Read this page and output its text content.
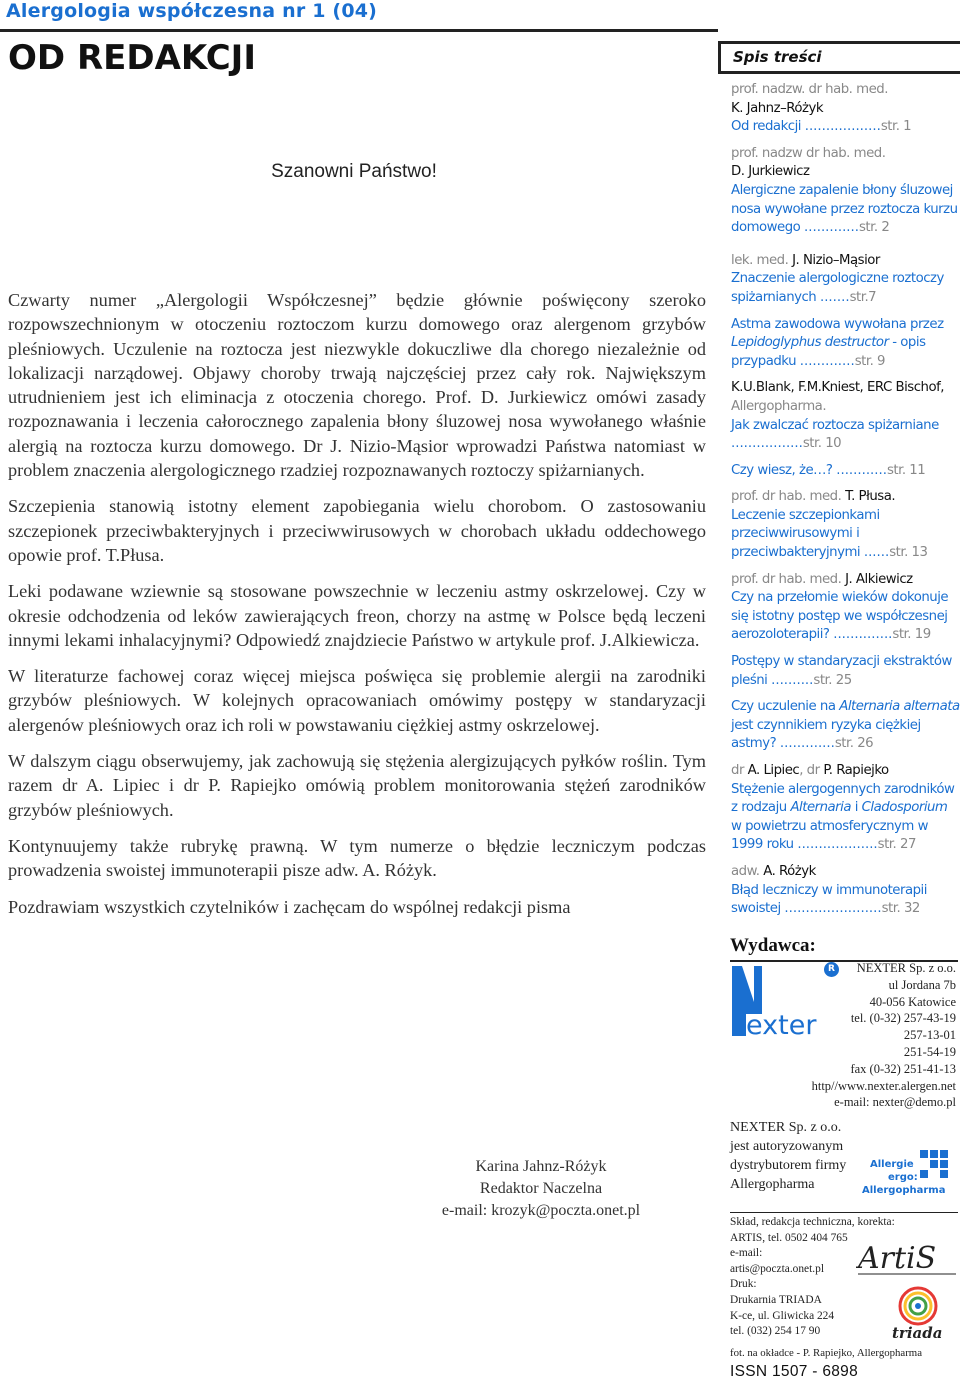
Alergologia współczesna nr 1 (04)
OD REDAKCJI
Szanowni Państwo!

Czwarty numer „Alergologii Współczesnej” będzie głównie poświęcony szeroko rozpowszechnionym w otoczeniu roztoczom kurzu domowego oraz alergenom grzybów pleśniowych. Uczulenie na roztocza jest niezwykle dokuczliwe dla chorego niezależnie od lokalizacji narządowej. Objawy choroby trwają najczęściej przez cały rok. Największym utrudnieniem jest ich eliminacja z otoczenia chorego. Prof. D. Jurkiewicz omówi zasady rozpoznawania i leczenia całorocznego zapalenia błony śluzowej nosa wywołanego właśnie alergią na roztocza kurzu domowego. Dr J. Nizio-Mąsior wprowadzi Państwa natomiast w problem znaczenia alergologicznego rzadziej rozpoznawanych roztoczy spiżarnianych.

Szczepienia stanowią istotny element zapobiegania wielu chorobom. O zastosowaniu szczepionek przeciwbakteryjnych i przeciwwirusowych w chorobach układu oddechowego opowie prof. T.Płusa.

Leki podawane wziewnie są stosowane powszechnie w leczeniu astmy oskrzelowej. Czy w okresie odchodzenia od leków zawierających freon, chorzy na astmę w Polsce będą leczeni innymi lekami inhalacyjnymi? Odpowiedź znajdziecie Państwo w artykule prof. J.Alkiewicza.

W literaturze fachowej coraz więcej miejsca poświęca się problemie alergii na zarodniki grzybów pleśniowych. W kolejnych opracowaniach omówimy postępy w standaryzacji alergenów pleśniowych oraz ich roli w powstawaniu ciężkiej astmy oskrzelowej.

W dalszym ciągu obserwujemy, jak zachowują się stężenia alergizujących pyłków roślin. Tym razem dr A. Lipiec i dr P. Rapiejko omówią problem monitorowania stężeń zarodników grzybów pleśniowych.

Kontynuujemy także rubrykę prawną. W tym numerze o błędzie leczniczym podczas prowadzenia swoistej immunoterapii pisze adw. A. Różyk.

Pozdrawiam wszystkich czytelników i zachęcam do wspólnej redakcji pisma

Karina Jahnz-Różyk
Redaktor Naczelna
e-mail: krozyk@poczta.onet.pl
Spis treści
prof. nadzw. dr hab. med.
K. Jahnz–Różyk
Od redakcji ..................str. 1
prof. nadzw dr hab. med.
D. Jurkiewicz
Alergiczne zapalenie błony śluzowej nosa wywołane przez roztocza kurzu domowego .............str. 2
lek. med. J. Nizio–Mąsior
Znaczenie alergologiczne roztoczy spiżarnianych .......str.7
Astma zawodowa wywołana przez Lepidoglyphus destructor - opis przypadku .............str. 9
K.U.Blank, F.M.Kniest, ERC Bischof,
Allergopharma.
Jak zwalczać roztocza spiżarniane .................str. 10
Czy wiesz, że…? ............str. 11
prof. dr hab. med. T. Płusa.
Leczenie szczepionkami przeciwwirusowymi i przeciwbakteryjnymi ......str. 13
prof. dr hab. med. J. Alkiewicz
Czy na przełomie wieków dokonuje się istotny postęp we współczesnej aerozoloterapii? ..............str. 19
Postępy w standaryzacji ekstraktów pleśni ..........str. 25
Czy uczulenie na Alternaria alternata jest czynnikiem ryzyka ciężkiej astmy? .............str. 26
dr A. Lipiec, dr P. Rapiejko
Stężenie alergogennych zarodników z rodzaju Alternaria i Cladosporium w powietrzu atmosferycznym w 1999 roku ...................str. 27
adw. A. Różyk
Błąd leczniczy w immunoterapii swoistej .......................str. 32
Wydawca:
exter
R	NEXTER Sp. z o.o.
ul Jordana 7b
40-056 Katowice
tel. (0-32) 257-43-19
257-13-01
251-54-19
fax (0-32) 251-41-13
http//www.nexter.alergen.net
e-mail: nexter@demo.pl
NEXTER Sp. z o.o.
jest autoryzowanym
dystrybutorem firmy
Allergopharma
Allergie
ergo:
Allergopharma
Skład, redakcja techniczna, korekta:
ARTIS, tel. 0502 404 765
e-mail:
artis@poczta.onet.pl
Druk:
Drukarnia TRIADA
K-ce, ul. Gliwicka 224
tel. (032) 254 17 90
fot. na okładce - P. Rapiejko, Allergopharma
ArtiS
triada
ISSN 1507 - 6898
